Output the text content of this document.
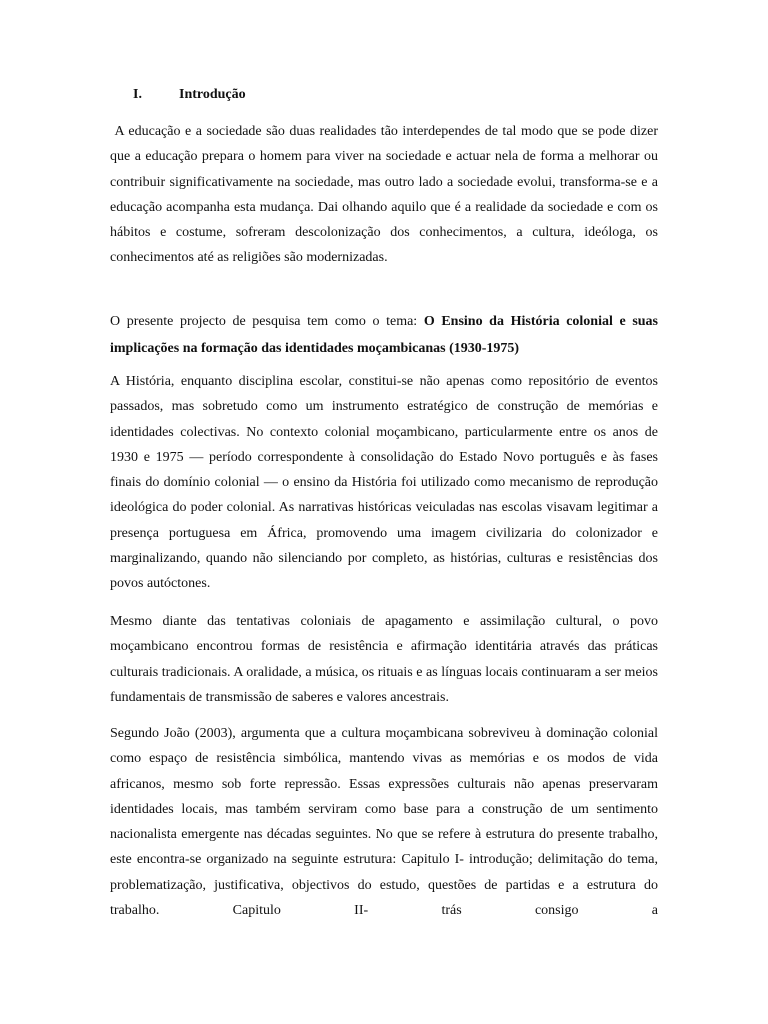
I.	Introdução

A educação e a sociedade são duas realidades tão interdependes de tal modo que se pode dizer que a educação prepara o homem para viver na sociedade e actuar nela de forma a melhorar ou contribuir significativamente na sociedade, mas outro lado a sociedade evolui, transforma-se e a educação acompanha esta mudança. Dai olhando aquilo que é a realidade da sociedade e com os hábitos e costume, sofreram descolonização dos conhecimentos, a cultura, ideóloga, os conhecimentos até as religiões são modernizadas.

O presente projecto de pesquisa tem como o tema: O Ensino da História colonial e suas implicações na formação das identidades moçambicanas (1930-1975)

A História, enquanto disciplina escolar, constitui-se não apenas como repositório de eventos passados, mas sobretudo como um instrumento estratégico de construção de memórias e identidades colectivas. No contexto colonial moçambicano, particularmente entre os anos de 1930 e 1975 — período correspondente à consolidação do Estado Novo português e às fases finais do domínio colonial — o ensino da História foi utilizado como mecanismo de reprodução ideológica do poder colonial. As narrativas históricas veiculadas nas escolas visavam legitimar a presença portuguesa em África, promovendo uma imagem civilizaria do colonizador e marginalizando, quando não silenciando por completo, as histórias, culturas e resistências dos povos autóctones.

Mesmo diante das tentativas coloniais de apagamento e assimilação cultural, o povo moçambicano encontrou formas de resistência e afirmação identitária através das práticas culturais tradicionais. A oralidade, a música, os rituais e as línguas locais continuaram a ser meios fundamentais de transmissão de saberes e valores ancestrais.

Segundo João (2003), argumenta que a cultura moçambicana sobreviveu à dominação colonial como espaço de resistência simbólica, mantendo vivas as memórias e os modos de vida africanos, mesmo sob forte repressão. Essas expressões culturais não apenas preservaram identidades locais, mas também serviram como base para a construção de um sentimento nacionalista emergente nas décadas seguintes. No que se refere à estrutura do presente trabalho, este encontra-se organizado na seguinte estrutura: Capitulo I- introdução; delimitação do tema, problematização, justificativa, objectivos do estudo, questões de partidas e a estrutura do trabalho. Capitulo II- trás consigo a
